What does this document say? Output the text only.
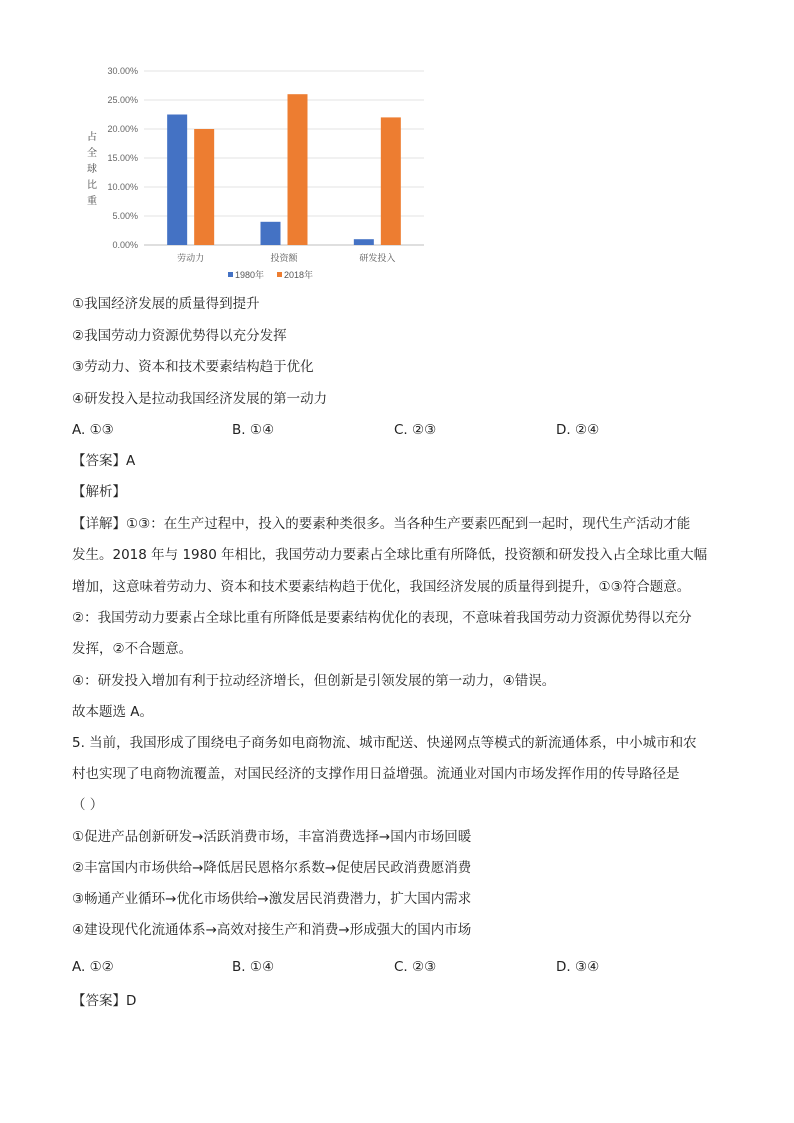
0.00%
5.00%
10.00%
15.00%
20.00%
25.00%
30.00%
占
全
球
比
重
劳动力	投资额	研发投入
1980年 2018年
①我国经济发展的质量得到提升
②我国劳动力资源优势得以充分发挥
③劳动力、资本和技术要素结构趋于优化
④研发投入是拉动我国经济发展的第一动力
A. ①③	B. ①④	C. ②③	D. ②④
【答案】A
【解析】
【详解】①③：在生产过程中，投入的要素种类很多。当各种生产要素匹配到一起时，现代生产活动才能
发生。2018 年与 1980 年相比，我国劳动力要素占全球比重有所降低，投资额和研发投入占全球比重大幅
增加，这意味着劳动力、资本和技术要素结构趋于优化，我国经济发展的质量得到提升，①③符合题意。
②：我国劳动力要素占全球比重有所降低是要素结构优化的表现，不意味着我国劳动力资源优势得以充分
发挥，②不合题意。
④：研发投入增加有利于拉动经济增长，但创新是引领发展的第一动力，④错误。
故本题选 A。
5. 当前，我国形成了围绕电子商务如电商物流、城市配送、快递网点等模式的新流通体系，中小城市和农
村也实现了电商物流覆盖，对国民经济的支撑作用日益增强。流通业对国内市场发挥作用的传导路径是
（ ）
①促进产品创新研发→活跃消费市场，丰富消费选择→国内市场回暖
②丰富国内市场供给→降低居民恩格尔系数→促使居民政消费愿消费
③畅通产业循环→优化市场供给→激发居民消费潜力，扩大国内需求
④建设现代化流通体系→高效对接生产和消费→形成强大的国内市场
A. ①②	B. ①④	C. ②③	D. ③④
【答案】D
